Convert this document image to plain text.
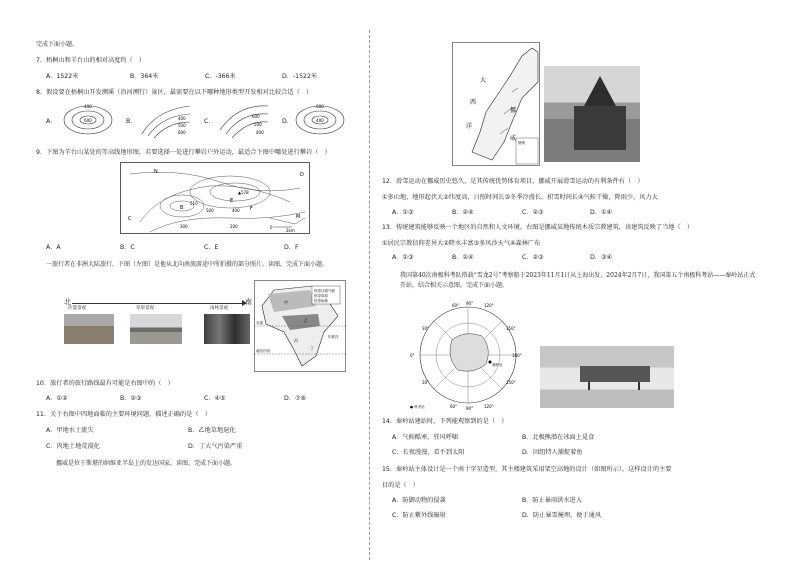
完成下面小题。
7．梧桐山和羊台山的相对高度约（　）
A．1522米	B．364米	C．-366米	D．-1522米
8．假设要在梧桐山开发溯溪（沿河溯行）景区，最需要在以下哪种地形类型开发相对比较合适（　）
A．	B．	C．	D．
400
600	400
500
600
600
500
400
600
400
9．下图为羊台山某处的等高线地形图，若要选择一处进行攀岩户外运动，最适合下图中哪处进行攀岩（　）
N
C
B
510
▲578
E
500	400 F
300	200
D
M
0
2km
A．A	B．C	C．E	D．F
一旅行者在非洲大陆旅行，下图（左图）是他从北向南旅游途中所拍摄的部分照片。读图，完成下面小题。
北	南
沙漠景观	草原景观	雨林景观
热带沙漠气候
热带草原
热带雨林
赤道
南回归线
印度洋
甲
乙
丙
丁
10．旅行者的旅行路线最有可能是右图中的（　）
A．①②	B．②③	C．④⑤	D．⑦⑧
11．关于右图中四地面临的主要环境问题，描述正确的是（　）
A．甲地水土流失	B．乙地草地退化
C．丙地土地荒漠化	D．丁大气污染严重
挪威是位于斯堪的纳维亚半岛上的发达国家。读图，完成下面小题。
大
西
洋
挪
威
图例
12．滑雪运动在挪威历史悠久，是其传统优势体育项目，挪威开展滑雪运动的有利条件有（　）
①多山地，地形起伏大②纬度高，日照时间长③冬季冷漫长，积雪时间长④气候干燥，降雨少，风力大
A．①③	B．②④	C．②③	D．①④
13．传统建筑能够反映一个地区的自然和人文环境。右图是挪威某地传统木质宗教建筑，该建筑反映了当地（　）
①居民宗教信仰差异大②降水丰富③多风沙天气④森林广布
A．①③	B．②④	C．②③	D．③④
我国第40次南极科考队搭载“雪龙2号”考察船于2023年11月1日从上海出发，2024年2月7日，我国第五个南极科考站——秦岭站正式开站，结合相关示意图，完成下面小题。
60° 90°	120°
30°	150°
0°	180°
30°	150°
60° 90°	120°
秦岭站
● 科考站
14．秦岭站建站时，下列能观察到的是（　）
A．气候酷寒，狂风呼啸	B．北极熊潜在冰面上觅食
C．长夜漫漫，看不到太阳	D．因纽特人捕捉着鱼
15．秦岭站主体设计是一个南十字星造型，其主楼建筑采用架空高地的设计（如图所示），这样设计的主要
目的是（　）
A．防御动物的侵袭	B．防止暴雨洪水进入
C．防止紫外线辐射	D．防止暴雪掩埋，便于通风
